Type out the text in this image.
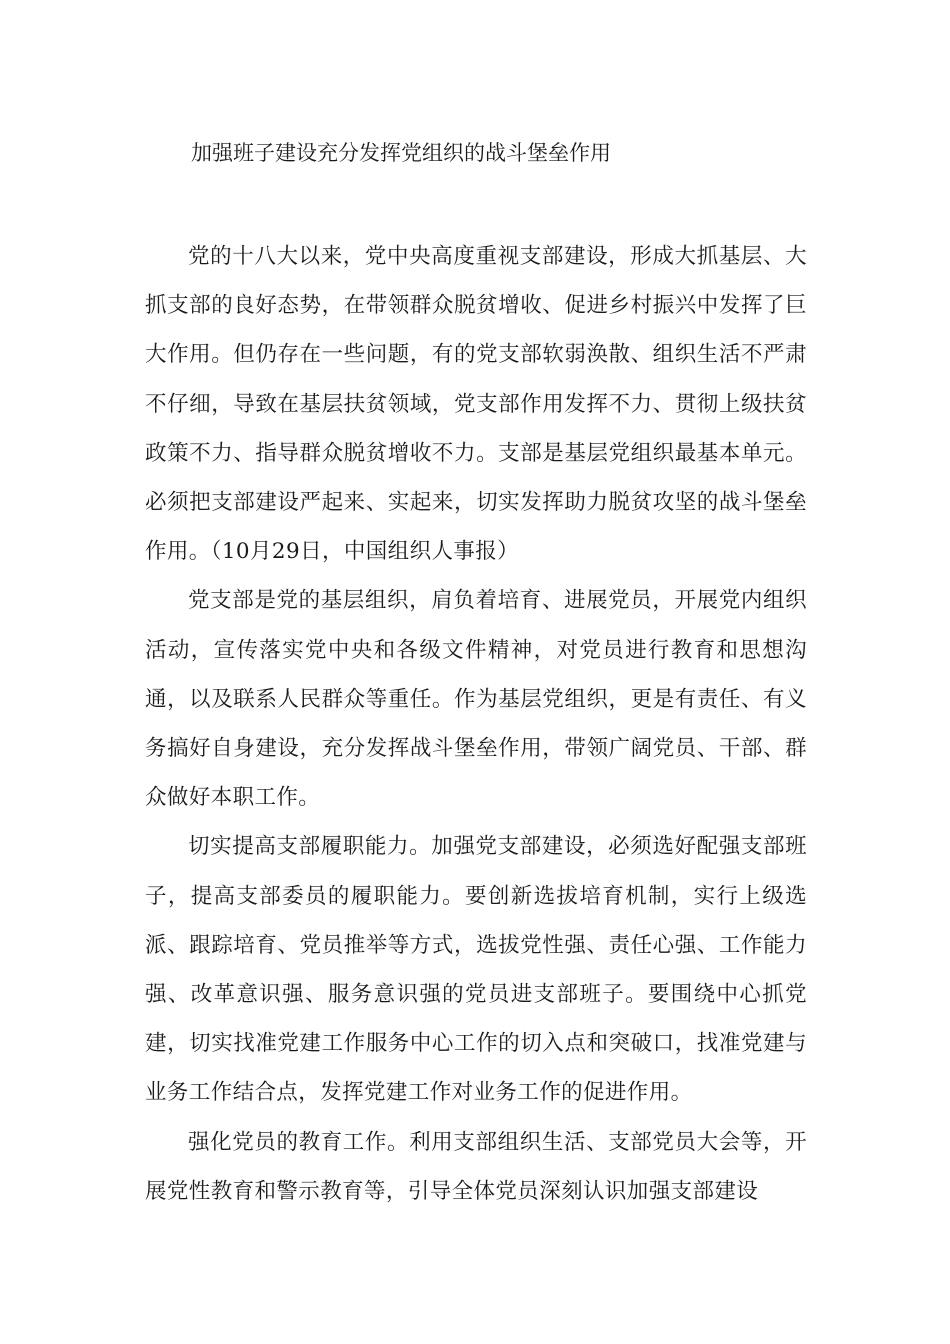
加强班子建设充分发挥党组织的战斗堡垒作用

党的十八大以来，党中央高度重视支部建设，形成大抓基层、大抓支部的良好态势，在带领群众脱贫增收、促进乡村振兴中发挥了巨大作用。但仍存在一些问题，有的党支部软弱涣散、组织生活不严肃不仔细，导致在基层扶贫领域，党支部作用发挥不力、贯彻上级扶贫政策不力、指导群众脱贫增收不力。支部是基层党组织最基本单元。必须把支部建设严起来、实起来，切实发挥助力脱贫攻坚的战斗堡垒作用。（10月29日，中国组织人事报）

党支部是党的基层组织，肩负着培育、进展党员，开展党内组织活动，宣传落实党中央和各级文件精神，对党员进行教育和思想沟通，以及联系人民群众等重任。作为基层党组织，更是有责任、有义务搞好自身建设，充分发挥战斗堡垒作用，带领广阔党员、干部、群众做好本职工作。

切实提高支部履职能力。加强党支部建设，必须选好配强支部班子，提高支部委员的履职能力。要创新选拔培育机制，实行上级选派、跟踪培育、党员推举等方式，选拔党性强、责任心强、工作能力强、改革意识强、服务意识强的党员进支部班子。要围绕中心抓党建，切实找准党建工作服务中心工作的切入点和突破口，找准党建与业务工作结合点，发挥党建工作对业务工作的促进作用。

强化党员的教育工作。利用支部组织生活、支部党员大会等，开展党性教育和警示教育等，引导全体党员深刻认识加强支部建设
